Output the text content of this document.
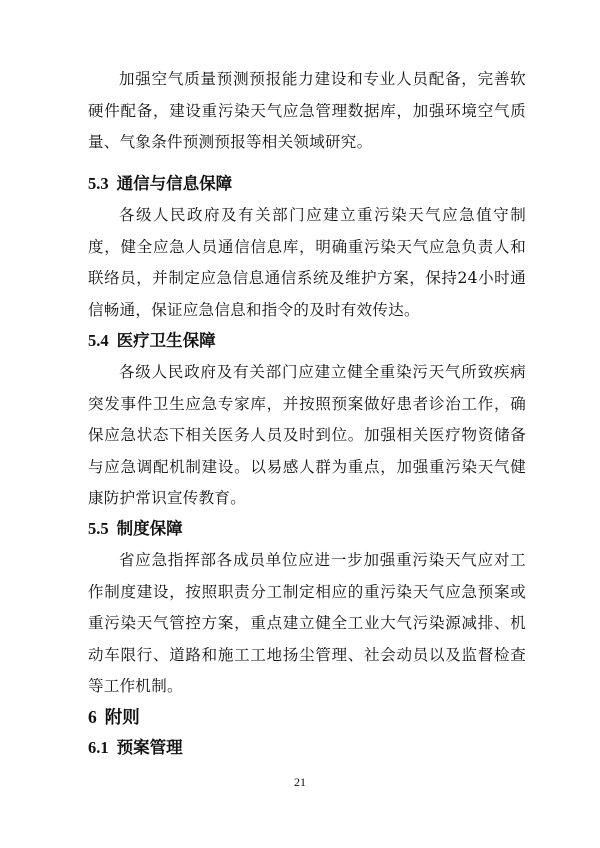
加强空气质量预测预报能力建设和专业人员配备，完善软硬件配备，建设重污染天气应急管理数据库，加强环境空气质量、气象条件预测预报等相关领域研究。

5.3 通信与信息保障

各级人民政府及有关部门应建立重污染天气应急值守制度，健全应急人员通信信息库，明确重污染天气应急负责人和联络员，并制定应急信息通信系统及维护方案，保持24小时通信畅通，保证应急信息和指令的及时有效传达。

5.4 医疗卫生保障

各级人民政府及有关部门应建立健全重染污天气所致疾病突发事件卫生应急专家库，并按照预案做好患者诊治工作，确保应急状态下相关医务人员及时到位。加强相关医疗物资储备与应急调配机制建设。以易感人群为重点，加强重污染天气健康防护常识宣传教育。

5.5 制度保障

省应急指挥部各成员单位应进一步加强重污染天气应对工作制度建设，按照职责分工制定相应的重污染天气应急预案或重污染天气管控方案，重点建立健全工业大气污染源减排、机动车限行、道路和施工工地扬尘管理、社会动员以及监督检查等工作机制。

6 附则
6.1 预案管理
21
